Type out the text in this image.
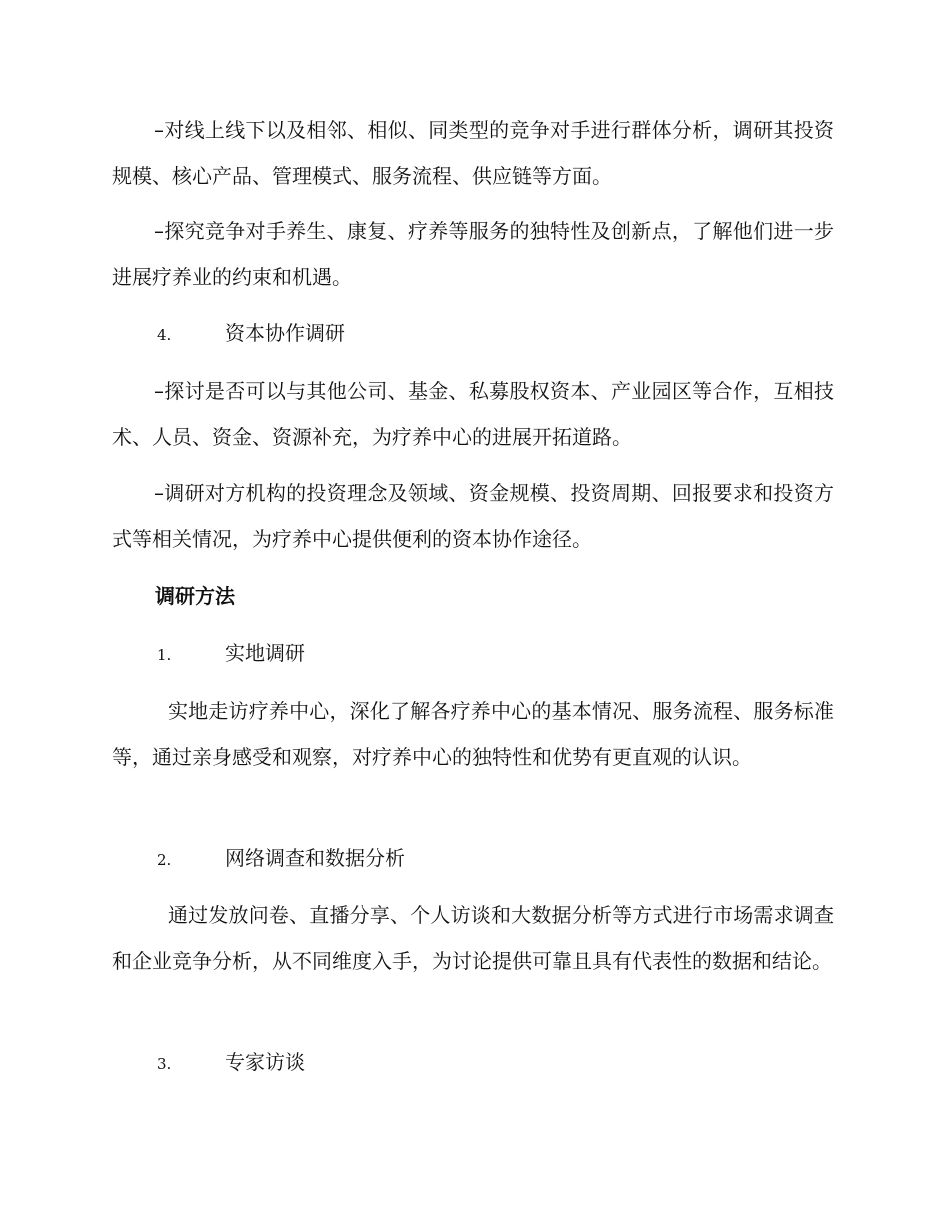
–对线上线下以及相邻、相似、同类型的竞争对手进行群体分析，调研其投资规模、核心产品、管理模式、服务流程、供应链等方面。

–探究竞争对手养生、康复、疗养等服务的独特性及创新点，了解他们进一步进展疗养业的约束和机遇。

4.	资本协作调研

–探讨是否可以与其他公司、基金、私募股权资本、产业园区等合作，互相技术、人员、资金、资源补充，为疗养中心的进展开拓道路。

–调研对方机构的投资理念及领域、资金规模、投资周期、回报要求和投资方式等相关情况，为疗养中心提供便利的资本协作途径。

调研方法
1.	实地调研

实地走访疗养中心，深化了解各疗养中心的基本情况、服务流程、服务标准等，通过亲身感受和观察，对疗养中心的独特性和优势有更直观的认识。

2.	网络调查和数据分析

通过发放问卷、直播分享、个人访谈和大数据分析等方式进行市场需求调查和企业竞争分析，从不同维度入手，为讨论提供可靠且具有代表性的数据和结论。

3.	专家访谈
